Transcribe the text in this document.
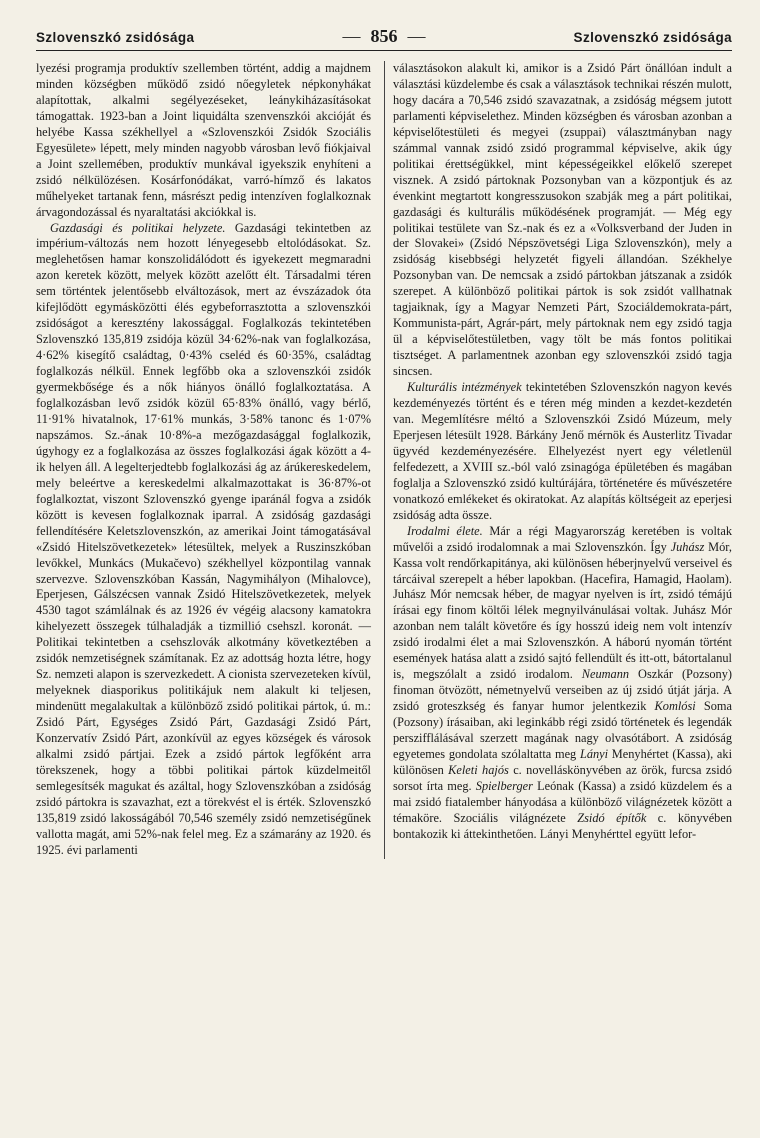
Szlovenszkó zsidósága	— 856 —	Szlovenszkó zsidósága

lyezési programja produktív szellemben történt, addig a majdnem minden községben működő zsidó nőegyletek népkonyhákat alapítottak, alkalmi segélyezéseket, leánykiházasításokat támogattak. 1923-ban a Joint liquidálta szenvenszkói akcióját és helyébe Kassa székhellyel a «Szlovenszkói Zsidók Szociális Egyesülete» lépett, mely minden nagyobb városban levő fiókjaival a Joint szellemében, produktív munkával igyekszik enyhíteni a zsidó nélkülözésen. Kosárfonódákat, varró-hímző és lakatos műhelyeket tartanak fenn, másrészt pedig intenzíven foglalkoznak árvagondozással és nyaraltatási akciókkal is.

Gazdasági és politikai helyzete. Gazdasági tekintetben az impérium-változás nem hozott lényegesebb eltolódásokat. Sz. meglehetősen hamar konszolidálódott és igyekezett megmaradni azon keretek között, melyek között azelőtt élt. Társadalmi téren sem történtek jelentősebb elváltozások, mert az évszázadok óta kifejlődött egymásközötti élés egybeforrasztotta a szlovenszkói zsidóságot a keresztény lakossággal. Foglalkozás tekintetében Szlovenszkó 135,819 zsidója közül 34·62%-nak van foglalkozása, 4·62% kisegítő családtag, 0·43% cseléd és 60·35%, családtag foglalkozás nélkül. Ennek legfőbb oka a szlovenszkói zsidók gyermekbősége és a nők hiányos önálló foglalkoztatása. A foglalkozásban levő zsidók közül 65·83% önálló, vagy bérlő, 11·91% hivatalnok, 17·61% munkás, 3·58% tanonc és 1·07% napszámos. Sz.-ának 10·8%-a mezőgazdasággal foglalkozik, úgyhogy ez a foglalkozása az összes foglalkozási ágak között a 4-ik helyen áll. A legelterjedtebb foglalkozási ág az árúkereskedelem, mely beleértve a kereskedelmi alkalmazottakat is 36·87%-ot foglalkoztat, viszont Szlovenszkó gyenge iparánál fogva a zsidók között is kevesen foglalkoznak iparral. A zsidóság gazdasági fellendítésére Keletszlovenszkón, az amerikai Joint támogatásával «Zsidó Hitelszövetkezetek» létesültek, melyek a Ruszinszkóban levőkkel, Munkács (Mukačevo) székhellyel központilag vannak szervezve. Szlovenszkóban Kassán, Nagymihályon (Mihalovce), Eperjesen, Gálszécsen vannak Zsidó Hitelszövetkezetek, melyek 4530 tagot számlálnak és az 1926 év végéig alacsony kamatokra kihelyezett összegek túlhaladják a tizmillió csehszl. koronát. — Politikai tekintetben a csehszlovák alkotmány következtében a zsidók nemzetiségnek számítanak. Ez az adottság hozta létre, hogy Sz. nemzeti alapon is szervezkedett. A cionista szervezeteken kívül, melyeknek diasporikus politikájuk nem alakult ki teljesen, mindenütt megalakultak a különböző zsidó politikai pártok, ú. m.: Zsidó Párt, Egységes Zsidó Párt, Gazdasági Zsidó Párt, Konzervatív Zsidó Párt, azonkívül az egyes községek és városok alkalmi zsidó pártjai. Ezek a zsidó pártok legfőként arra törekszenek, hogy a többi politikai pártok küzdelmeitől semlegesítsék magukat és azáltal, hogy Szlovenszkóban a zsidóság zsidó pártokra is szavazhat, ezt a törekvést el is érték. Szlovenszkó 135,819 zsidó lakosságából 70,546 személy zsidó nemzetiségűnek vallotta magát, ami 52%-nak felel meg. Ez a számarány az 1920. és 1925. évi parlamenti

választásokon alakult ki, amikor is a Zsidó Párt önállóan indult a választási küzdelembe és csak a választások technikai részén mulott, hogy dacára a 70,546 zsidó szavazatnak, a zsidóság mégsem jutott parlamenti képviselethez. Minden községben és városban azonban a képviselőtestületi és megyei (zsuppai) választmányban nagy számmal vannak zsidó zsidó programmal képviselve, akik úgy politikai érettségükkel, mint képességeikkel előkelő szerepet visznek. A zsidó pártoknak Pozsonyban van a központjuk és az évenkint megtartott kongresszusokon szabják meg a párt politikai, gazdasági és kulturális működésének programját. — Még egy politikai testülete van Sz.-nak és ez a «Volksverband der Juden in der Slovakei» (Zsidó Népszövetségi Liga Szlovenszkón), mely a zsidóság kisebbségi helyzetét figyeli állandóan. Székhelye Pozsonyban van. De nemcsak a zsidó pártokban játszanak a zsidók szerepet. A különböző politikai pártok is sok zsidót vallhatnak tagjaiknak, így a Magyar Nemzeti Párt, Szociáldemokrata-párt, Kommunista-párt, Agrár-párt, mely pártoknak nem egy zsidó tagja ül a képviselőtestületben, vagy tölt be más fontos politikai tisztséget. A parlamentnek azonban egy szlovenszkói zsidó tagja sincsen.

Kulturális intézmények tekintetében Szlovenszkón nagyon kevés kezdeményezés történt és e téren még minden a kezdet-kezdetén van. Megemlítésre méltó a Szlovenszkói Zsidó Múzeum, mely Eperjesen létesült 1928. Bárkány Jenő mérnök és Austerlitz Tivadar ügyvéd kezdeményezésére. Elhelyezést nyert egy véletlenül felfedezett, a XVIII sz.-ból való zsinagóga épületében és magában foglalja a Szlovenszkó zsidó kultúrájára, történetére és művészetére vonatkozó emlékeket és okiratokat. Az alapítás költségeit az eperjesi zsidóság adta össze.

Irodalmi élete. Már a régi Magyarország keretében is voltak művelői a zsidó irodalomnak a mai Szlovenszkón. Így Juhász Mór, Kassa volt rendőrkapitánya, aki különösen héberjnyelvű verseivel és tárcáival szerepelt a héber lapokban. (Hacefira, Hamagid, Haolam). Juhász Mór nemcsak héber, de magyar nyelven is írt, zsidó témájú írásai egy finom költői lélek megnyilvánulásai voltak. Juhász Mór azonban nem talált követőre és így hosszú ideig nem volt intenzív zsidó irodalmi élet a mai Szlovenszkón. A háború nyomán történt események hatása alatt a zsidó sajtó fellendült és itt-ott, bátortalanul is, megszólalt a zsidó irodalom. Neumann Oszkár (Pozsony) finoman ötvözött, németnyelvű verseiben az új zsidó útját járja. A zsidó groteszkség és fanyar humor jelentkezik Komlósi Soma (Pozsony) írásaiban, aki leginkább régi zsidó történetek és legendák perszifflálásával szerzett magának nagy olvasótábort. A zsidóság egyetemes gondolata szólaltatta meg Lányi Menyhértet (Kassa), aki különösen Keleti hajós c. novelláskönyvében az örök, furcsa zsidó sorsot írta meg. Spielberger Leónak (Kassa) a zsidó küzdelem és a mai zsidó fiatalember hányodása a különböző világnézetek között a témaköre. Szociális világnézete Zsidó építők c. könyvében bontakozik ki áttekinthetően. Lányi Menyhérttel együtt lefor-
